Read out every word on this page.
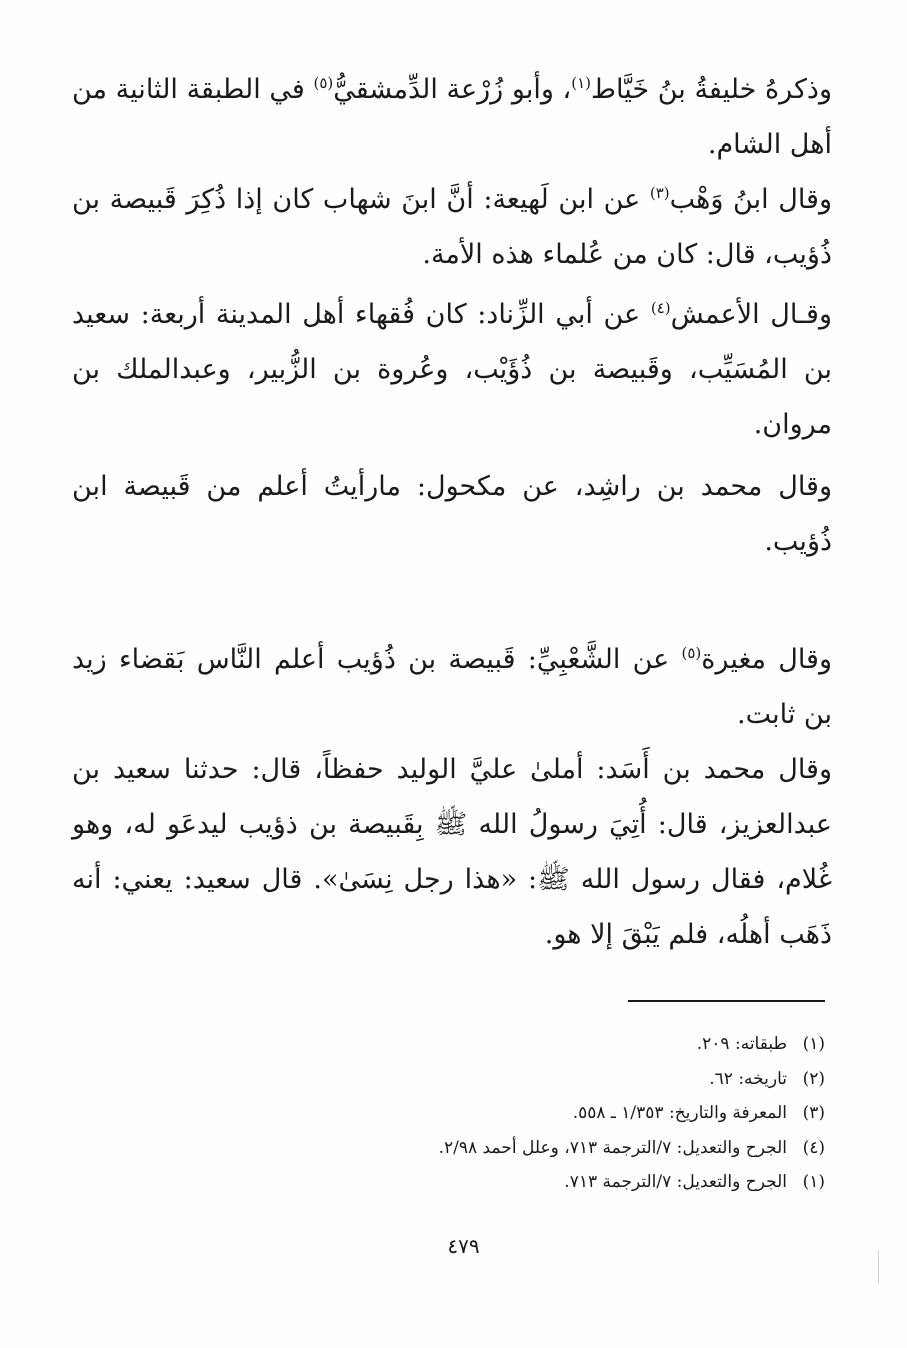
وذكرهُ خليفةُ بنُ خَيَّاط$^{(١)}$، وأبو زُرْعة الدِّمشقيُّ$^{(٥)}$ في الطبقة الثانية من أهل الشام.

وقال ابنُ وَهْب$^{(٣)}$ عن ابن لَهيعة: أنَّ ابنَ شهاب كان إذا ذُكِرَ قَبيصة بن ذُؤيب، قال: كان من عُلماء هذه الأمة.

وقـال الأعمش$^{(٤)}$ عن أبي الزِّناد: كان فُقهاء أهل المدينة أربعة: سعيد بن المُسَيِّب، وقَبيصة بن ذُؤَيْب، وعُروة بن الزُّبير، وعبدالملك بن مروان.

وقال محمد بن راشِد، عن مكحول: مارأيتُ أعلم من قَبيصة ابن ذُؤيب.

وقال مغيرة$^{(٥)}$ عن الشَّعْبِيِّ: قَبيصة بن ذُؤيب أعلم النَّاس بَقضاء زيد بن ثابت.

وقال محمد بن أَسَد: أملىٰ عليَّ الوليد حفظاً، قال: حدثنا سعيد بن عبدالعزيز، قال: أُتِيَ رسولُ الله ﷺ بِقَبيصة بن ذؤيب ليدعَو له، وهو غُلام، فقال رسول الله ﷺ: «هذا رجل نِسَىٰ». قال سعيد: يعني: أنه ذَهَب أهلُه، فلم يَبْقَ إلا هو.

(١)طبقاته: ٢٠٩.
(٢)تاريخه: ٦٢.
(٣)المعرفة والتاريخ: ١/٣٥٣ ـ ٥٥٨.
(٤)الجرح والتعديل: ٧/الترجمة ٧١٣، وعلل أحمد ٢/٩٨.
(١)الجرح والتعديل: ٧/الترجمة ٧١٣.
٤٧٩
